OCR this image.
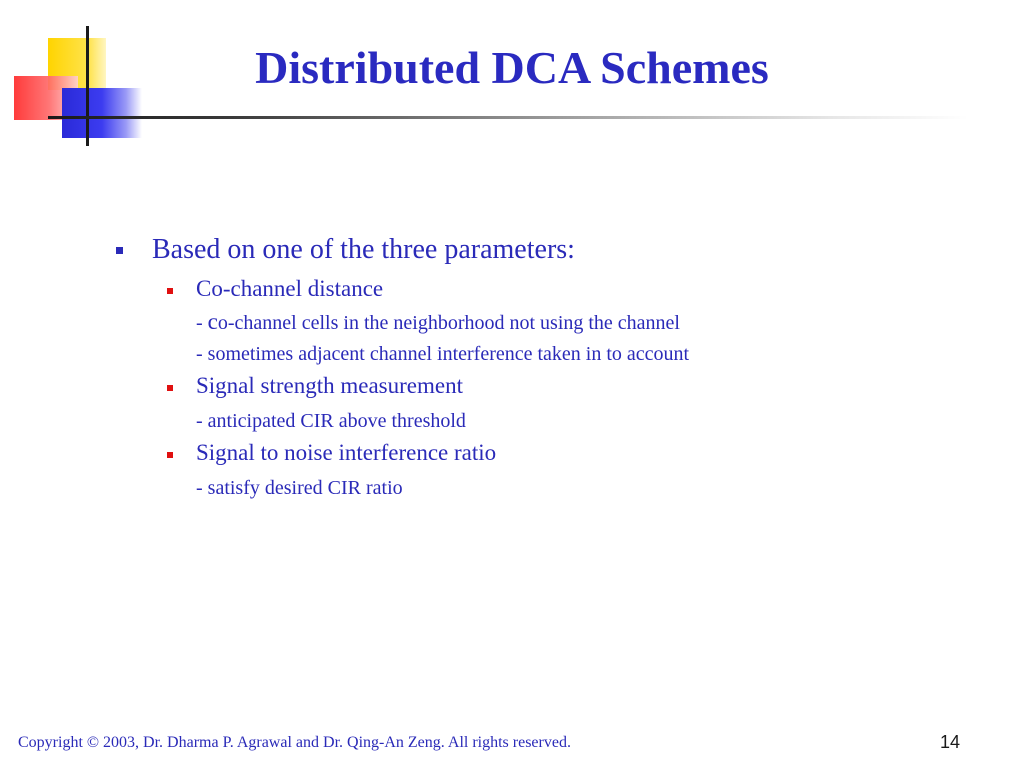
Distributed DCA Schemes
Based on one of the three parameters:
Co-channel distance
- co-channel cells in the neighborhood not using the channel
- sometimes adjacent channel interference taken in to account
Signal strength measurement
- anticipated CIR above threshold
Signal to noise interference ratio
- satisfy desired CIR ratio
Copyright © 2003, Dr. Dharma P. Agrawal and Dr. Qing-An Zeng. All rights reserved.	14
